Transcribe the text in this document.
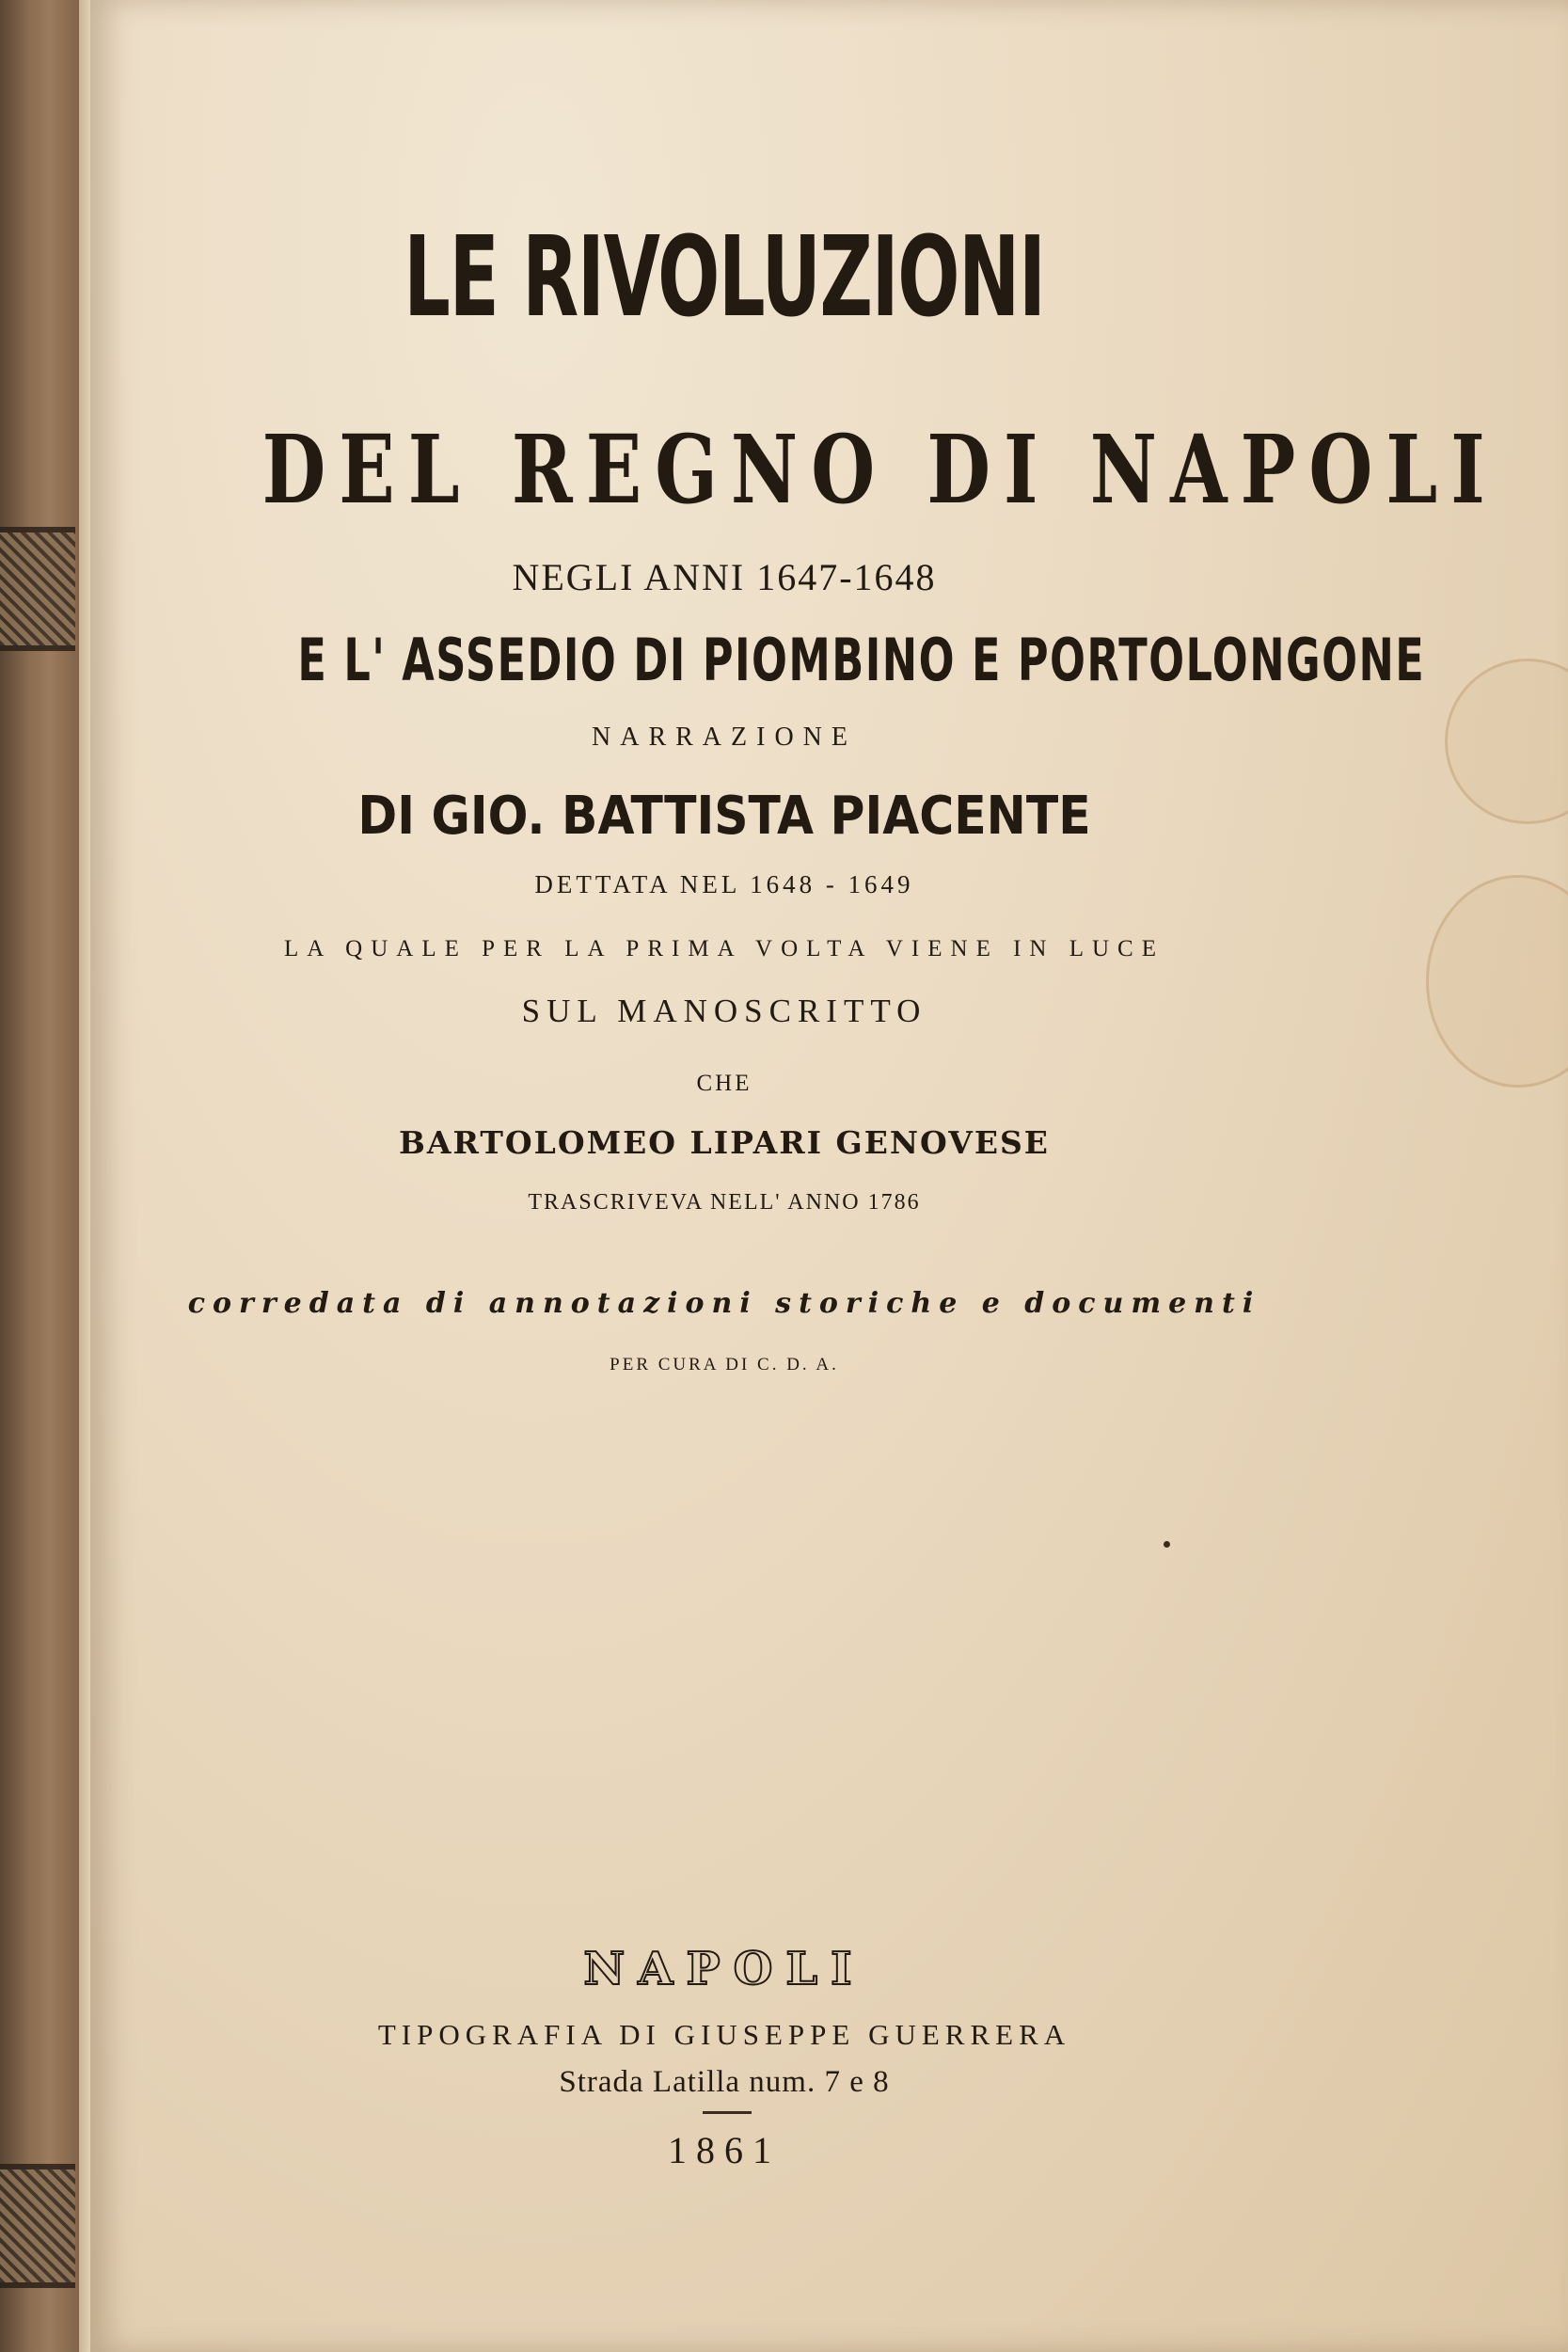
LE RIVOLUZIONI

DEL REGNO DI NAPOLI

NEGLI ANNI 1647-1648

E L' ASSEDIO DI PIOMBINO E PORTOLONGONE

NARRAZIONE

DI GIO. BATTISTA PIACENTE

DETTATA NEL 1648 - 1649

LA QUALE PER LA PRIMA VOLTA VIENE IN LUCE

SUL MANOSCRITTO

CHE

BARTOLOMEO LIPARI GENOVESE

TRASCRIVEVA NELL' ANNO 1786

corredata di annotazioni storiche e documenti

PER CURA DI C. D. A.

NAPOLI

TIPOGRAFIA DI GIUSEPPE GUERRERA

Strada Latilla num. 7 e 8

1861
